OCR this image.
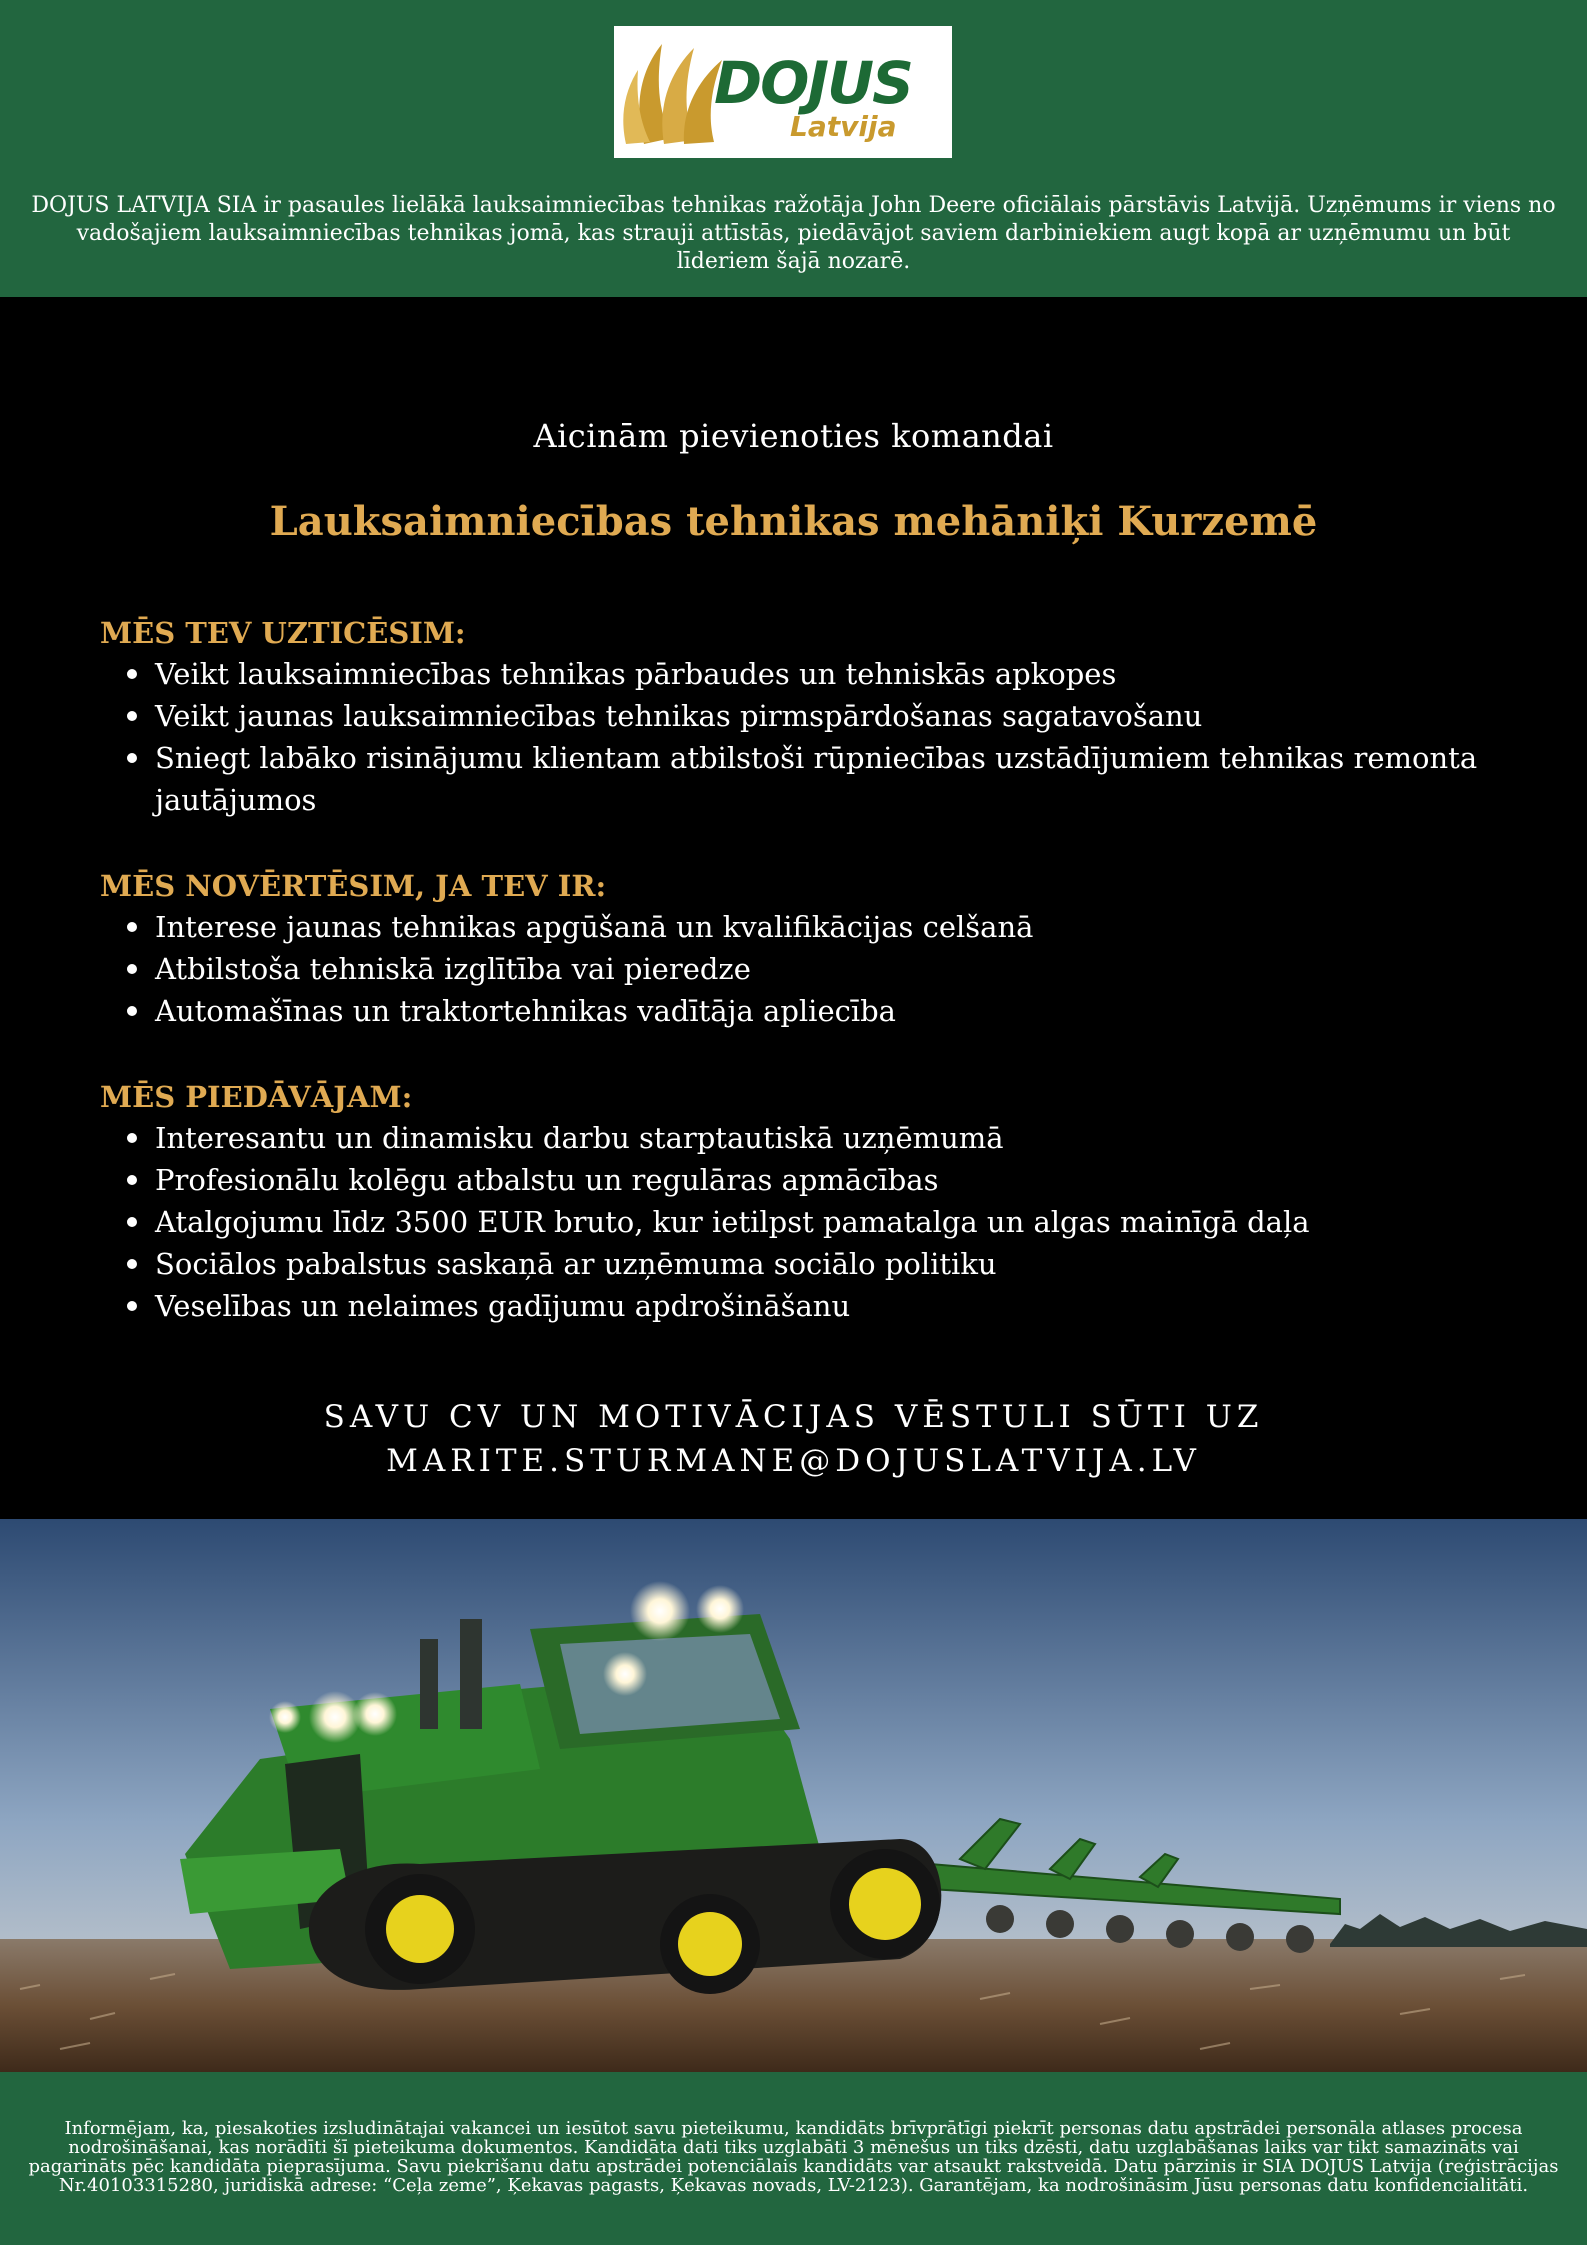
DOJUS
Latvija

DOJUS LATVIJA SIA ir pasaules lielākā lauksaimniecības tehnikas ražotāja John Deere oficiālais pārstāvis Latvijā. Uzņēmums ir viens no vadošajiem lauksaimniecības tehnikas jomā, kas strauji attīstās, piedāvājot saviem darbiniekiem augt kopā ar uzņēmumu un būt līderiem šajā nozarē.

Aicinām pievienoties komandai
Lauksaimniecības tehnikas mehāniķi Kurzemē
MĒS TEV UZTICĒSIM:
Veikt lauksaimniecības tehnikas pārbaudes un tehniskās apkopes
Veikt jaunas lauksaimniecības tehnikas pirmspārdošanas sagatavošanu
Sniegt labāko risinājumu klientam atbilstoši rūpniecības uzstādījumiem tehnikas remonta jautājumos
MĒS NOVĒRTĒSIM, JA TEV IR:
Interese jaunas tehnikas apgūšanā un kvalifikācijas celšanā
Atbilstoša tehniskā izglītība vai pieredze
Automašīnas un traktortehnikas vadītāja apliecība
MĒS PIEDĀVĀJAM:
Interesantu un dinamisku darbu starptautiskā uzņēmumā
Profesionālu kolēgu atbalstu un regulāras apmācības
Atalgojumu līdz 3500 EUR bruto, kur ietilpst pamatalga un algas mainīgā daļa
Sociālos pabalstus saskaņā ar uzņēmuma sociālo politiku
Veselības un nelaimes gadījumu apdrošināšanu
SAVU CV UN MOTIVĀCIJAS VĒSTULI SŪTI UZ
MARITE.STURMANE@DOJUSLATVIJA.LV

Informējam, ka, piesakoties izsludinātajai vakancei un iesūtot savu pieteikumu, kandidāts brīvprātīgi piekrīt personas datu apstrādei personāla atlases procesa nodrošināšanai, kas norādīti šī pieteikuma dokumentos. Kandidāta dati tiks uzglabāti 3 mēnešus un tiks dzēsti, datu uzglabāšanas laiks var tikt samazināts vai pagarināts pēc kandidāta pieprasījuma. Savu piekrišanu datu apstrādei potenciālais kandidāts var atsaukt rakstveidā. Datu pārzinis ir SIA DOJUS Latvija (reģistrācijas Nr.40103315280, juridiskā adrese: “Ceļa zeme”, Ķekavas pagasts, Ķekavas novads, LV-2123). Garantējam, ka nodrošināsim Jūsu personas datu konfidencialitāti.
